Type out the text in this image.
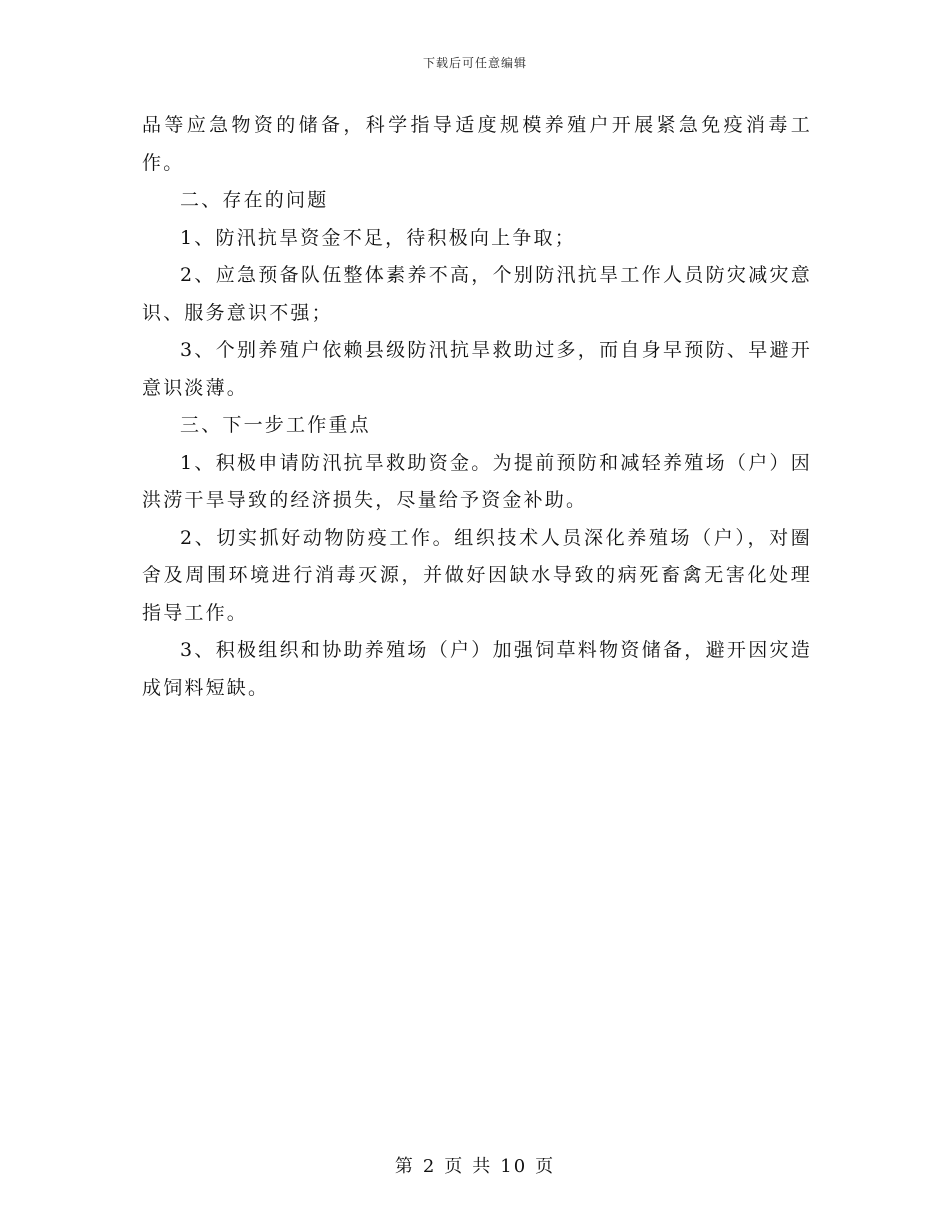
下载后可任意编辑

品等应急物资的储备，科学指导适度规模养殖户开展紧急免疫消毒工作。

二、存在的问题

1、防汛抗旱资金不足，待积极向上争取；

2、应急预备队伍整体素养不高，个别防汛抗旱工作人员防灾减灾意识、服务意识不强；

3、个别养殖户依赖县级防汛抗旱救助过多，而自身早预防、早避开意识淡薄。

三、下一步工作重点

1、积极申请防汛抗旱救助资金。为提前预防和减轻养殖场（户）因洪涝干旱导致的经济损失，尽量给予资金补助。

2、切实抓好动物防疫工作。组织技术人员深化养殖场（户），对圈舍及周围环境进行消毒灭源，并做好因缺水导致的病死畜禽无害化处理指导工作。

3、积极组织和协助养殖场（户）加强饲草料物资储备，避开因灾造成饲料短缺。

第 2 页 共 10 页
